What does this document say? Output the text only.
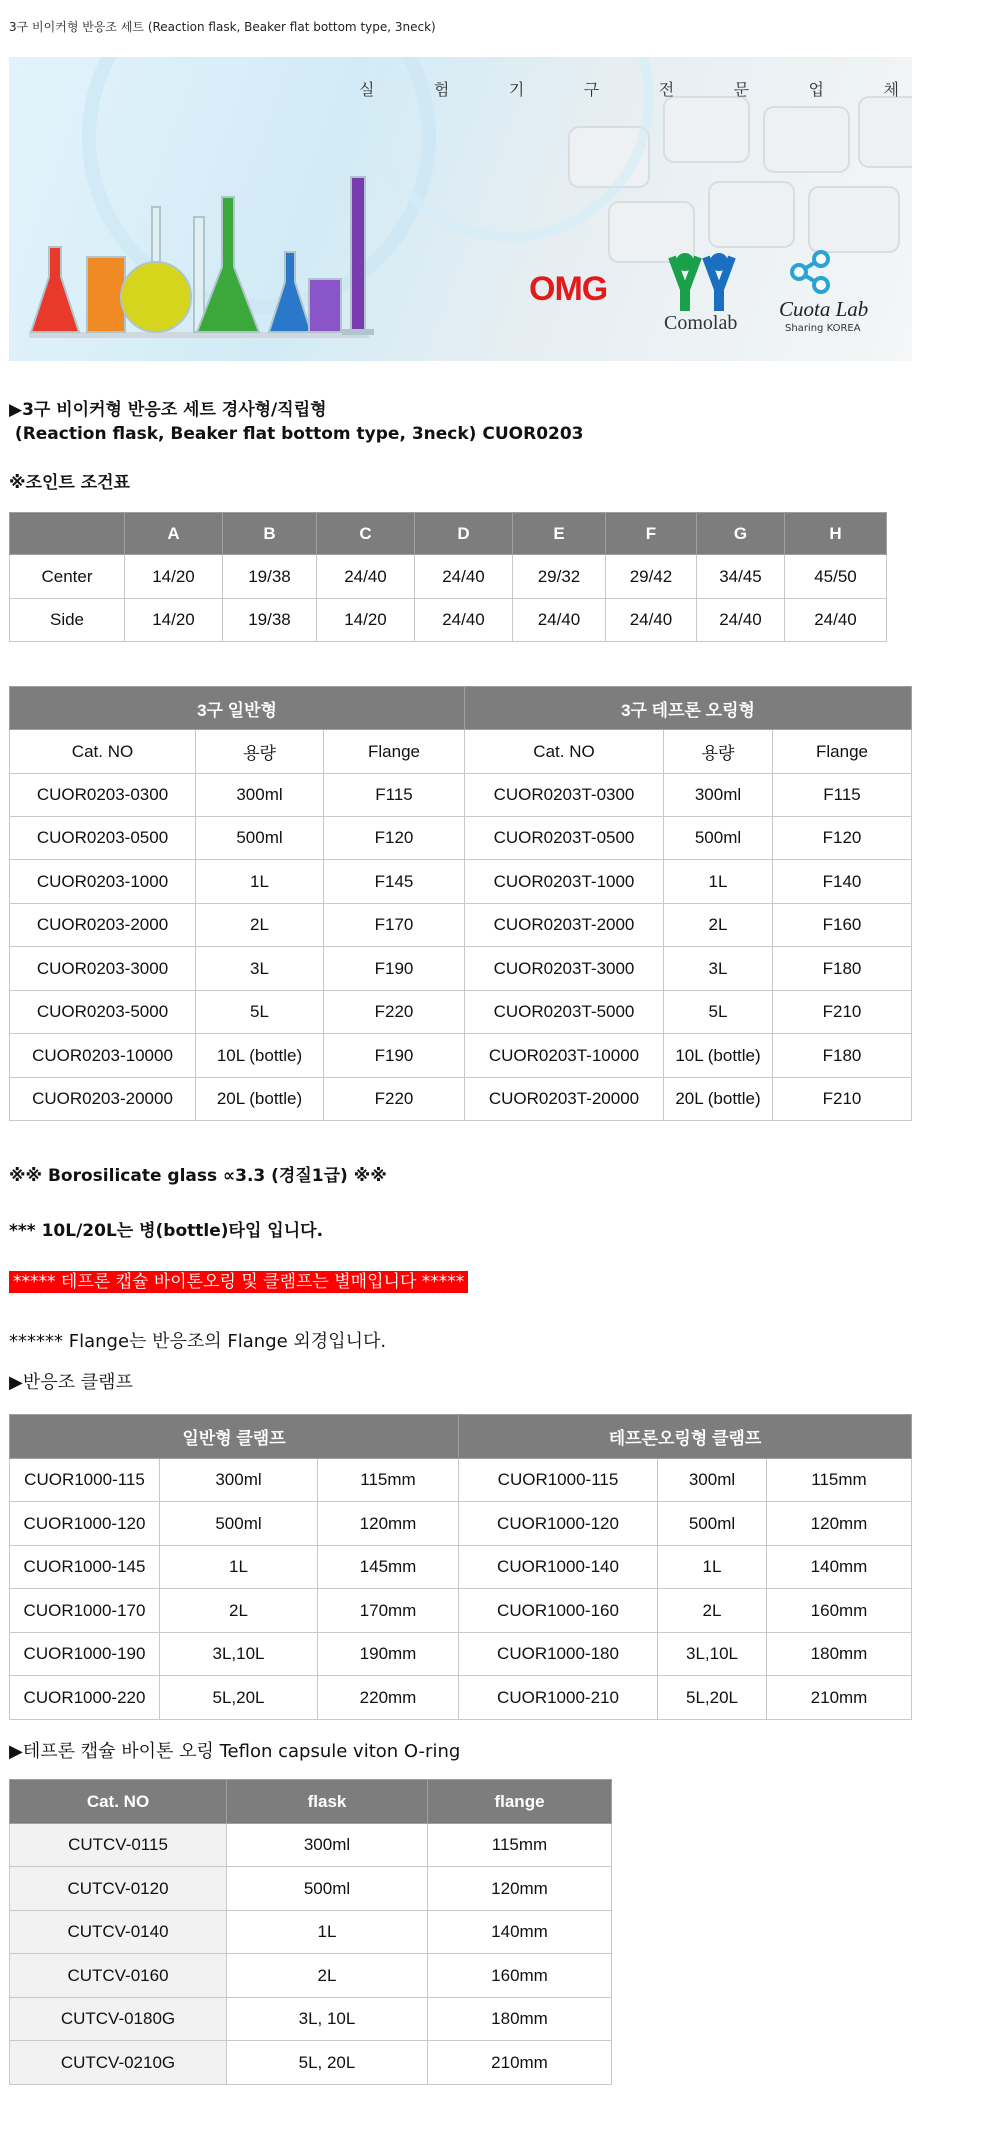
3구 비이커형 반응조 세트 (Reaction flask, Beaker flat bottom type, 3neck)
실	험	기	구	전	문	업	체
OMG
Comolab
Cuota Lab
Sharing KOREA
▶3구 비이커형 반응조 세트 경사형/직립형
(Reaction flask, Beaker flat bottom type, 3neck) CUOR0203
※조인트 조건표
	A	B	C	D	E	F	G	H
Center	14/20	19/38	24/40	24/40	29/32	29/42	34/45	45/50
Side	14/20	19/38	14/20	24/40	24/40	24/40	24/40	24/40
3구 일반형			3구 테프론 오링형		
Cat. NO	용량	Flange	Cat. NO	용량	Flange
CUOR0203-0300	300ml	F115	CUOR0203T-0300	300ml	F115
CUOR0203-0500	500ml	F120	CUOR0203T-0500	500ml	F120
CUOR0203-1000	1L	F145	CUOR0203T-1000	1L	F140
CUOR0203-2000	2L	F170	CUOR0203T-2000	2L	F160
CUOR0203-3000	3L	F190	CUOR0203T-3000	3L	F180
CUOR0203-5000	5L	F220	CUOR0203T-5000	5L	F210
CUOR0203-10000	10L (bottle)	F190	CUOR0203T-10000	10L (bottle)	F180
CUOR0203-20000	20L (bottle)	F220	CUOR0203T-20000	20L (bottle)	F210
※※ Borosilicate glass ∝3.3 (경질1급) ※※
*** 10L/20L는 병(bottle)타입 입니다.
***** 테프론 캡슐 바이톤오링 및 클램프는 별매입니다 *****
****** Flange는 반응조의 Flange 외경입니다.
▶반응조 클램프
일반형 클램프			테프론오링형 클램프		
CUOR1000-115	300ml	115mm	CUOR1000-115	300ml	115mm
CUOR1000-120	500ml	120mm	CUOR1000-120	500ml	120mm
CUOR1000-145	1L	145mm	CUOR1000-140	1L	140mm
CUOR1000-170	2L	170mm	CUOR1000-160	2L	160mm
CUOR1000-190	3L,10L	190mm	CUOR1000-180	3L,10L	180mm
CUOR1000-220	5L,20L	220mm	CUOR1000-210	5L,20L	210mm
▶테프론 캡슐 바이톤 오링 Teflon capsule viton O-ring
Cat. NO	flask	flange
CUTCV-0115	300ml	115mm
CUTCV-0120	500ml	120mm
CUTCV-0140	1L	140mm
CUTCV-0160	2L	160mm
CUTCV-0180G	3L, 10L	180mm
CUTCV-0210G	5L, 20L	210mm
